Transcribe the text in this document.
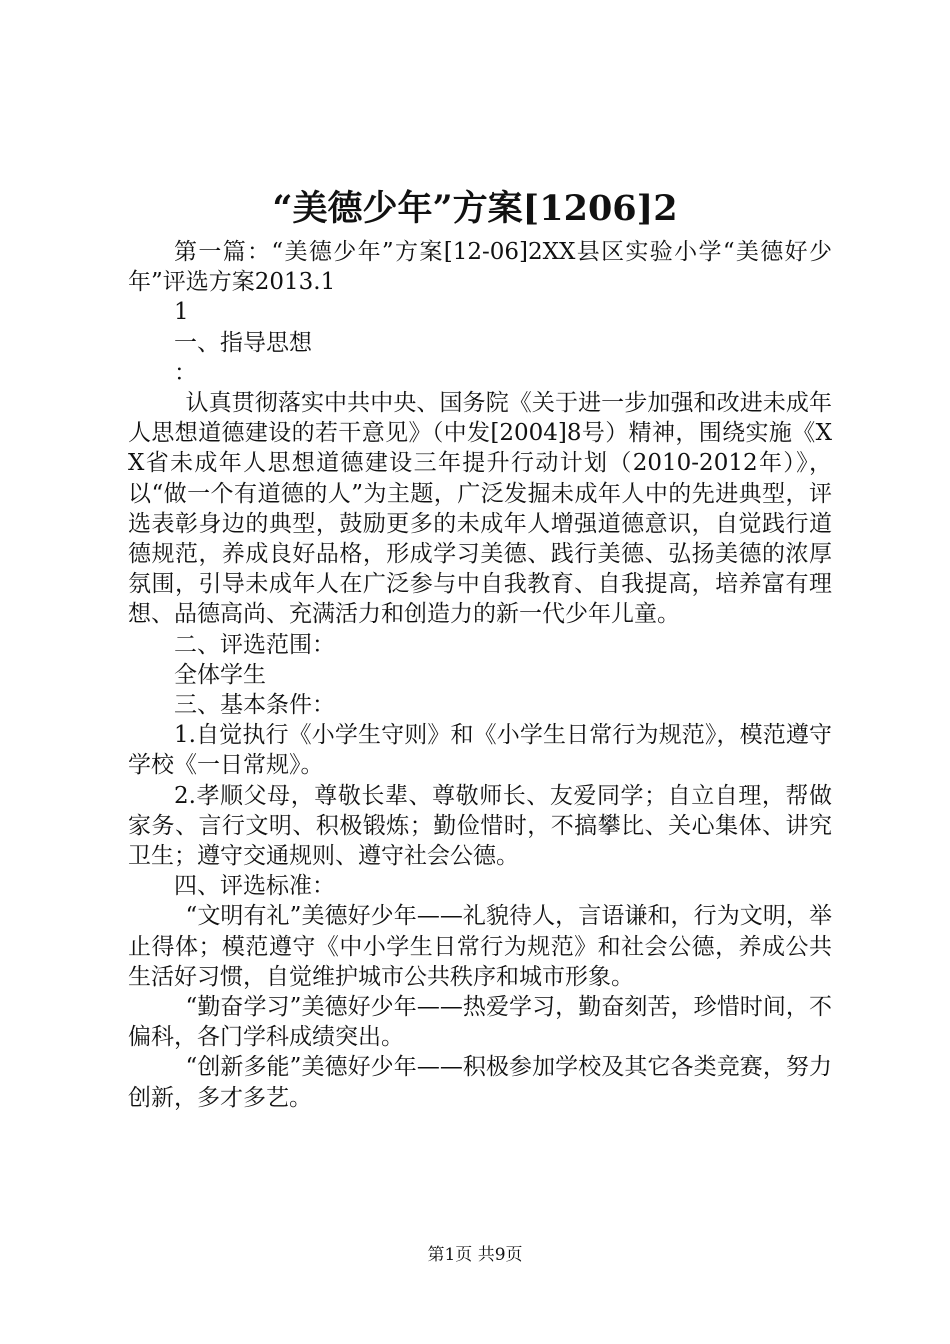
“美德少年”方案[1206]2

第一篇：“美德少年”方案[12-06]2XX县区实验小学“美德好少年”评选方案2013.1

1

一、指导思想

：

认真贯彻落实中共中央、国务院《关于进一步加强和改进未成年人思想道德建设的若干意见》（中发[2004]8号）精神，围绕实施《XX省未成年人思想道德建设三年提升行动计划（2010-2012年）》，以“做一个有道德的人”为主题，广泛发掘未成年人中的先进典型，评选表彰身边的典型，鼓励更多的未成年人增强道德意识，自觉践行道德规范，养成良好品格，形成学习美德、践行美德、弘扬美德的浓厚氛围，引导未成年人在广泛参与中自我教育、自我提高，培养富有理想、品德高尚、充满活力和创造力的新一代少年儿童。

二、评选范围：

全体学生

三、基本条件：

1.自觉执行《小学生守则》和《小学生日常行为规范》，模范遵守学校《一日常规》。

2.孝顺父母，尊敬长辈、尊敬师长、友爱同学；自立自理，帮做家务、言行文明、积极锻炼；勤俭惜时，不搞攀比、关心集体、讲究卫生；遵守交通规则、遵守社会公德。

四、评选标准：

“文明有礼”美德好少年——礼貌待人，言语谦和，行为文明，举止得体；模范遵守《中小学生日常行为规范》和社会公德，养成公共生活好习惯，自觉维护城市公共秩序和城市形象。

“勤奋学习”美德好少年——热爱学习，勤奋刻苦，珍惜时间，不偏科，各门学科成绩突出。

“创新多能”美德好少年——积极参加学校及其它各类竞赛，努力创新，多才多艺。

第1页 共9页
